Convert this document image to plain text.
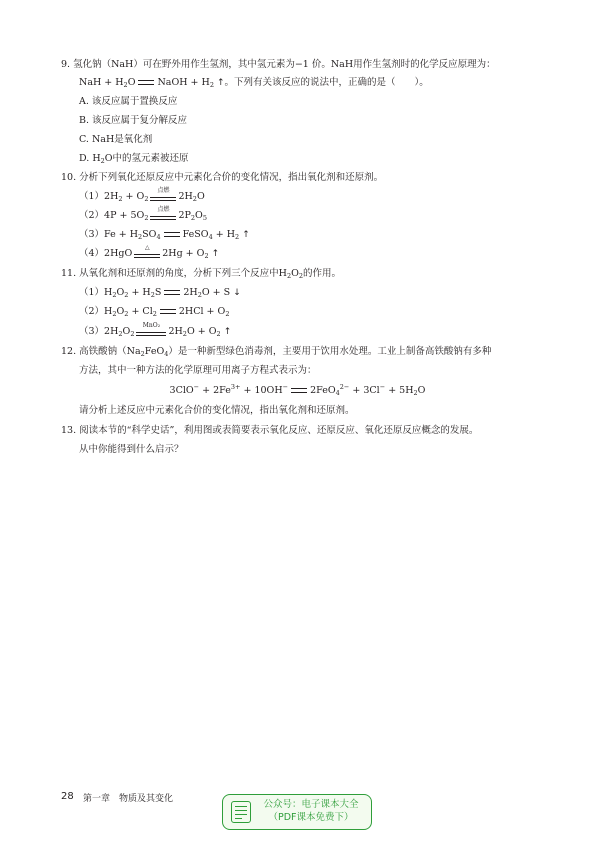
9. 氢化钠（NaH）可在野外用作生氢剂，其中氢元素为−1 价。NaH用作生氢剂时的化学反应原理为：
NaH + $H_2O$ NaOH + $H_2$ ↑。下列有关该反应的说法中，正确的是（　　）。
A. 该反应属于置换反应
B. 该反应属于复分解反应
C. NaH是氧化剂
D. $H_2O$中的氢元素被还原
10. 分析下列氧化还原反应中元素化合价的变化情况，指出氧化剂和还原剂。
$(1)2H_2 + O_2$
点燃
$2H_2O$
$(2)4P + 5O_2$
点燃
$2P_2O_5$
$(3)Fe + H_2SO_4$ FeSO$_4$ + $H_2$ ↑
（4）2HgO
△
$2Hg + O_2$ ↑
11. 从氧化剂和还原剂的角度，分析下列三个反应中$H_2O_2$的作用。
$(1)H_2O_2 + H_2S$ $2H_2O + S$ ↓
$(2)H_2O_2 + Cl_2$ $2HCl + O_2$
$(3)2H_2O_2$
MnO₂
$2H_2O + O_2$ ↑
12. 高铁酸钠$(Na_2FeO_4)$是一种新型绿色消毒剂，主要用于饮用水处理。工业上制备高铁酸钠有多种
方法，其中一种方法的化学原理可用离子方程式表示为：
$3ClO^- + 2Fe^{3+} + 10OH^-$ $2FeO_4^{2-} + 3Cl^- + 5H_2O$
请分析上述反应中元素化合价的变化情况，指出氧化剂和还原剂。
13. 阅读本节的“科学史话”，利用图或表简要表示氧化反应、还原反应、氧化还原反应概念的发展。
从中你能得到什么启示？
28 第一章　物质及其变化	公众号：电子课本大全
（PDF课本免费下）
